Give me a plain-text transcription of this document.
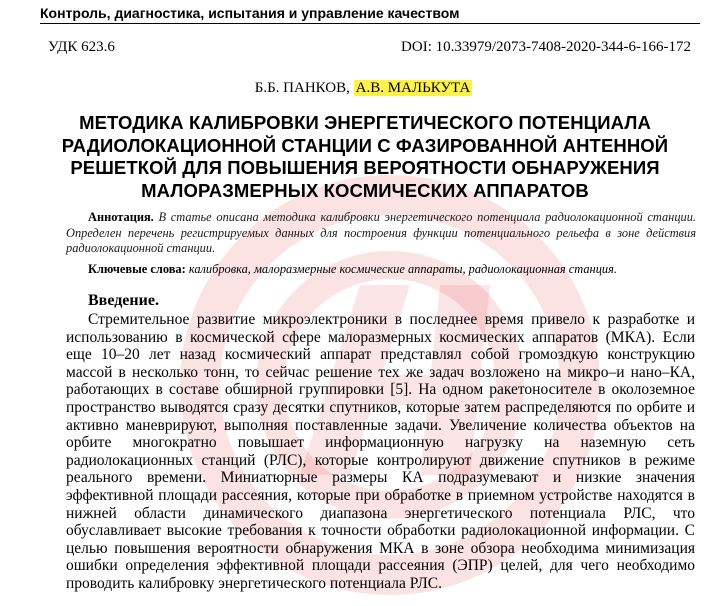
Контроль, диагностика, испытания и управление качеством
УДК 623.6	DOI: 10.33979/2073-7408-2020-344-6-166-172
Б.Б. ПАНКОВ, А.В. МАЛЬКУТА
МЕТОДИКА КАЛИБРОВКИ ЭНЕРГЕТИЧЕСКОГО ПОТЕНЦИАЛА
РАДИОЛОКАЦИОННОЙ СТАНЦИИ С ФАЗИРОВАННОЙ АНТЕННОЙ
РЕШЕТКОЙ ДЛЯ ПОВЫШЕНИЯ ВЕРОЯТНОСТИ ОБНАРУЖЕНИЯ
МАЛОРАЗМЕРНЫХ КОСМИЧЕСКИХ АППАРАТОВ
Аннотация. В статье описана методика калибровки энергетического потенциала радиолокационной станции. Определен перечень регистрируемых данных для построения функции потенциального рельефа в зоне действия радиолокационной станции.
Ключевые слова: калибровка, малоразмерные космические аппараты, радиолокационная станция.
Введение.

Стремительное развитие микроэлектроники в последнее время привело к разработке и использованию в космической сфере малоразмерных космических аппаратов (МКА). Если еще 10–20 лет назад космический аппарат представлял собой громоздкую конструкцию массой в несколько тонн, то сейчас решение тех же задач возложено на микро–и нано–КА, работающих в составе обширной группировки [5]. На одном ракетоносителе в околоземное пространство выводятся сразу десятки спутников, которые затем распределяются по орбите и активно маневрируют, выполняя поставленные задачи. Увеличение количества объектов на орбите многократно повышает информационную нагрузку на наземную сеть радиолокационных станций (РЛС), которые контролируют движение спутников в режиме реального времени. Миниатюрные размеры КА подразумевают и низкие значения эффективной площади рассеяния, которые при обработке в приемном устройстве находятся в нижней области динамического диапазона энергетического потенциала РЛС, что обуславливает высокие требования к точности обработки радиолокационной информации. С целью повышения вероятности обнаружения МКА в зоне обзора необходима минимизация ошибки определения эффективной площади рассеяния (ЭПР) целей, для чего необходимо проводить калибровку энергетического потенциала РЛС.
